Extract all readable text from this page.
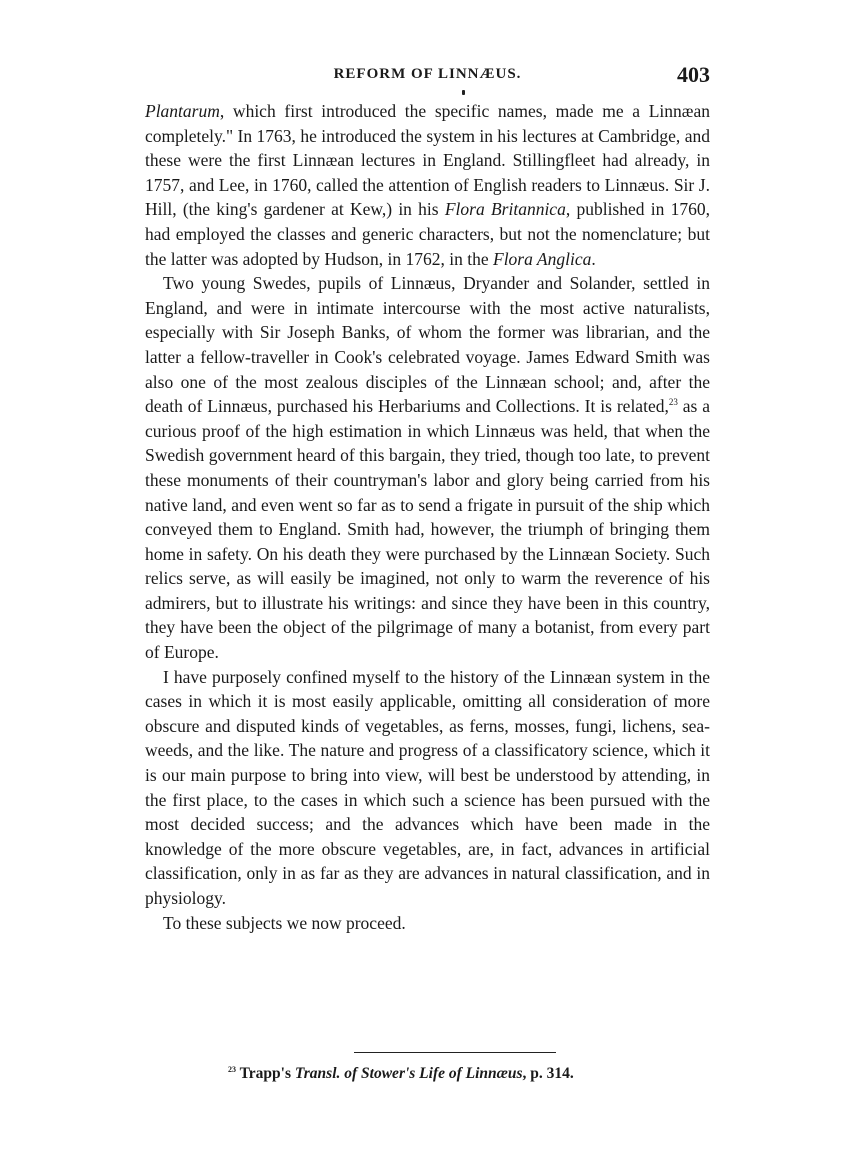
REFORM OF LINNÆUS.	403

Plantarum, which first introduced the specific names, made me a Linnæan completely." In 1763, he introduced the system in his lectures at Cambridge, and these were the first Linnæan lectures in England. Stillingfleet had already, in 1757, and Lee, in 1760, called the attention of English readers to Linnæus. Sir J. Hill, (the king's gardener at Kew,) in his Flora Britannica, published in 1760, had employed the classes and generic characters, but not the nomenclature; but the latter was adopted by Hudson, in 1762, in the Flora Anglica.

Two young Swedes, pupils of Linnæus, Dryander and Solander, settled in England, and were in intimate intercourse with the most active naturalists, especially with Sir Joseph Banks, of whom the former was librarian, and the latter a fellow-traveller in Cook's celebrated voyage. James Edward Smith was also one of the most zealous disciples of the Linnæan school; and, after the death of Linnæus, purchased his Herbariums and Collections. It is related,$^{23}$ as a curious proof of the high estimation in which Linnæus was held, that when the Swedish government heard of this bargain, they tried, though too late, to prevent these monuments of their countryman's labor and glory being carried from his native land, and even went so far as to send a frigate in pursuit of the ship which conveyed them to England. Smith had, however, the triumph of bringing them home in safety. On his death they were purchased by the Linnæan Society. Such relics serve, as will easily be imagined, not only to warm the reverence of his admirers, but to illustrate his writings: and since they have been in this country, they have been the object of the pilgrimage of many a botanist, from every part of Europe.

I have purposely confined myself to the history of the Linnæan system in the cases in which it is most easily applicable, omitting all consideration of more obscure and disputed kinds of vegetables, as ferns, mosses, fungi, lichens, sea-weeds, and the like. The nature and progress of a classificatory science, which it is our main purpose to bring into view, will best be understood by attending, in the first place, to the cases in which such a science has been pursued with the most decided success; and the advances which have been made in the knowledge of the more obscure vegetables, are, in fact, advances in artificial classification, only in as far as they are advances in natural classification, and in physiology.

To these subjects we now proceed.

$^{23}$ Trapp's Transl. of Stower's Life of Linnæus, p. 314.
